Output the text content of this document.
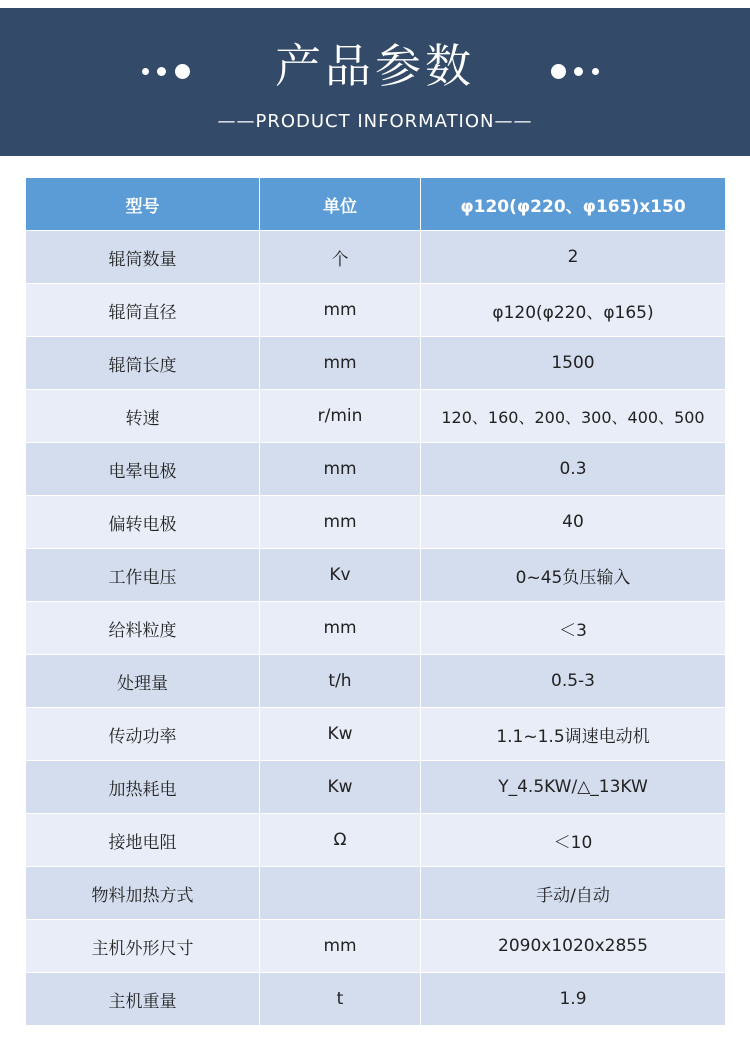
产品参数
——PRODUCT INFORMATION——
型号	单位	φ120(φ220、φ165)x150
辊筒数量	个	2
辊筒直径	mm	φ120(φ220、φ165)
辊筒长度	mm	1500
转速	r/min	120、160、200、300、400、500
电晕电极	mm	0.3
偏转电极	mm	40
工作电压	Kv	0~45负压输入
给料粒度	mm	＜3
处理量	t/h	0.5-3
传动功率	Kw	1.1~1.5调速电动机
加热耗电	Kw	Y_4.5KW/△_13KW
接地电阻	Ω	＜10
物料加热方式		手动/自动
主机外形尺寸	mm	2090x1020x2855
主机重量	t	1.9
